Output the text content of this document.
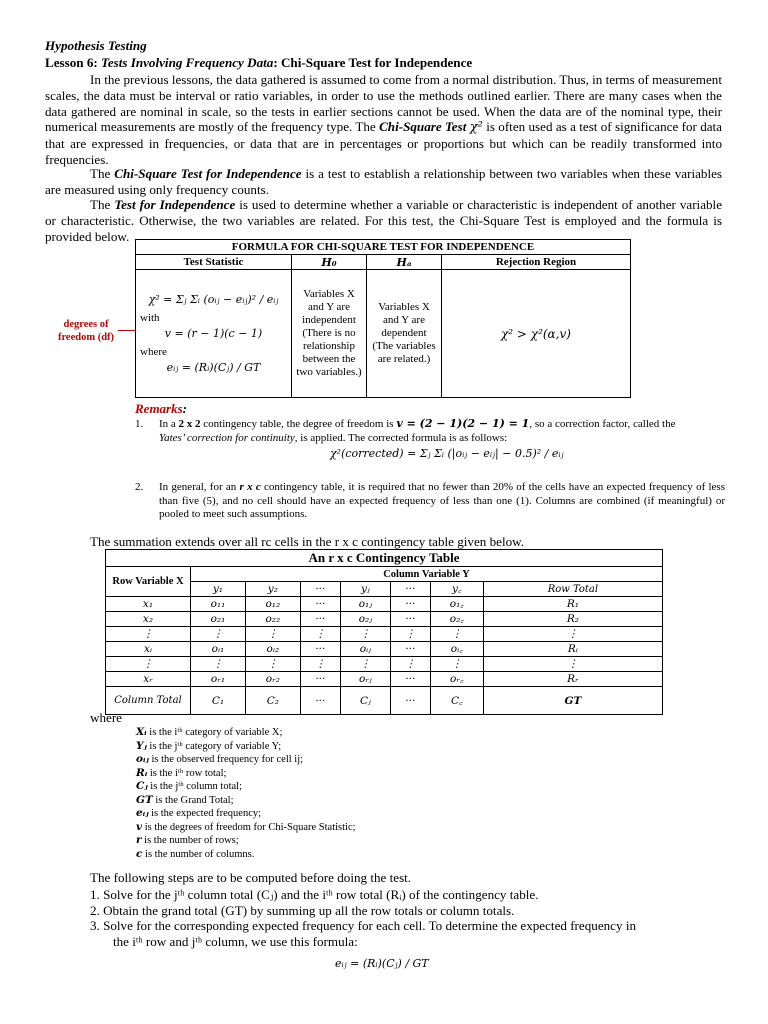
Hypothesis Testing
Lesson 6: Tests Involving Frequency Data: Chi-Square Test for Independence
In the previous lessons, the data gathered is assumed to come from a normal distribution. Thus, in terms of measurement scales, the data must be interval or ratio variables, in order to use the methods outlined earlier. There are many cases when the data gathered are nominal in scale, so the tests in earlier sections cannot be used. When the data are of the nominal type, their numerical measurements are mostly of the frequency type. The Chi-Square Test χ² is often used as a test of significance for data that are expressed in frequencies, or data that are in percentages or proportions but which can be readily transformed into frequencies.
The Chi-Square Test for Independence is a test to establish a relationship between two variables when these variables are measured using only frequency counts.
The Test for Independence is used to determine whether a variable or characteristic is independent of another variable or characteristic. Otherwise, the two variables are related. For this test, the Chi-Square Test is employed and the formula is provided below.
degrees of freedom (df)
FORMULA FOR CHI-SQUARE TEST FOR INDEPENDENCE			
Test Statistic	H₀	Hₐ	Rejection Region

χ² = Σⱼ Σᵢ (oᵢⱼ − eᵢⱼ)² / eᵢⱼ
with
v = (r − 1)(c − 1)
where
eᵢⱼ = (Rᵢ)(Cⱼ) / GT	Variables X and Y are independent (There is no relationship between the two variables.)	Variables X and Y are dependent (The variables are related.)	χ² > χ²(α,v)
Remarks:
1. In a 2 x 2 contingency table, the degree of freedom is v = (2 − 1)(2 − 1) = 1, so a correction factor, called the
Yates’ correction for continuity, is applied. The corrected formula is as follows:
χ²(corrected) = Σⱼ Σᵢ (|oᵢⱼ − eᵢⱼ| − 0.5)² / eᵢⱼ
2.	In general, for an r x c contingency table, it is required that no fewer than 20% of the cells have an expected frequency of less than five (5), and no cell should have an expected frequency of less than one (1). Columns are combined (if meaningful) or pooled to meet such assumptions.
The summation extends over all rc cells in the r x c contingency table given below.
An r x c Contingency Table							
Row Variable X	Column Variable Y						
	y₁	y₂	···	yⱼ	···	y꜀	Row Total
x₁	o₁₁	o₁₂	···	o₁ⱼ	···	o₁꜀	R₁
x₂	o₂₁	o₂₂	···	o₂ⱼ	···	o₂꜀	R₂
⋮	⋮	⋮	⋮	⋮	⋮	⋮	⋮
xᵢ	oᵢ₁	oᵢ₂	···	oᵢⱼ	···	oᵢ꜀	Rᵢ
⋮	⋮	⋮	⋮	⋮	⋮	⋮	⋮
xᵣ	oᵣ₁	oᵣ₂	···	oᵣⱼ	···	oᵣ꜀	Rᵣ
Column Total	C₁	C₂	···	Cⱼ	···	C꜀	GT
where
Xᵢ is the iᵗʰ category of variable X;
Yⱼ is the jᵗʰ category of variable Y;
oᵢⱼ is the observed frequency for cell ij;
Rᵢ is the iᵗʰ row total;
Cⱼ is the jᵗʰ column total;
GT is the Grand Total;
eᵢⱼ is the expected frequency;
v is the degrees of freedom for Chi-Square Statistic;
r is the number of rows;
c is the number of columns.
The following steps are to be computed before doing the test.
1. Solve for the jᵗʰ column total (Cⱼ) and the iᵗʰ row total (Rᵢ) of the contingency table.
2. Obtain the grand total (GT) by summing up all the row totals or column totals.
3. Solve for the corresponding expected frequency for each cell. To determine the expected frequency in
the iᵗʰ row and jᵗʰ column, we use this formula:
eᵢⱼ = (Rᵢ)(Cⱼ) / GT
